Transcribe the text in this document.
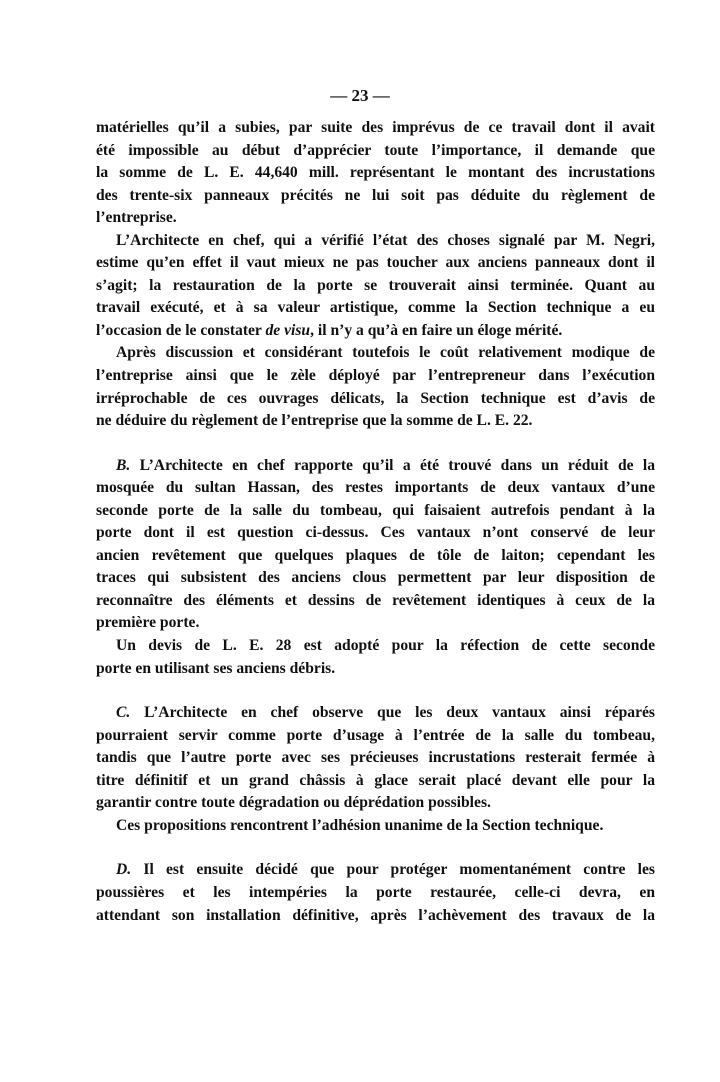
— 23 —
matérielles qu’il a subies, par suite des imprévus de ce travail dont il avait
été impossible au début d’apprécier toute l’importance, il demande que
la somme de L. E. 44,640 mill. représentant le montant des incrustations
des trente-six panneaux précités ne lui soit pas déduite du règlement de
l’entreprise.
L’Architecte en chef, qui a vérifié l’état des choses signalé par M. Negri,
estime qu’en effet il vaut mieux ne pas toucher aux anciens panneaux dont il
s’agit; la restauration de la porte se trouverait ainsi terminée. Quant au
travail exécuté, et à sa valeur artistique, comme la Section technique a eu
l’occasion de le constater de visu, il n’y a qu’à en faire un éloge mérité.
Après discussion et considérant toutefois le coût relativement modique de
l’entreprise ainsi que le zèle déployé par l’entrepreneur dans l’exécution
irréprochable de ces ouvrages délicats, la Section technique est d’avis de
ne déduire du règlement de l’entreprise que la somme de L. E. 22.
B. L’Architecte en chef rapporte qu’il a été trouvé dans un réduit de la
mosquée du sultan Hassan, des restes importants de deux vantaux d’une
seconde porte de la salle du tombeau, qui faisaient autrefois pendant à la
porte dont il est question ci-dessus. Ces vantaux n’ont conservé de leur
ancien revêtement que quelques plaques de tôle de laiton; cependant les
traces qui subsistent des anciens clous permettent par leur disposition de
reconnaître des éléments et dessins de revêtement identiques à ceux de la
première porte.
Un devis de L. E. 28 est adopté pour la réfection de cette seconde
porte en utilisant ses anciens débris.
C. L’Architecte en chef observe que les deux vantaux ainsi réparés
pourraient servir comme porte d’usage à l’entrée de la salle du tombeau,
tandis que l’autre porte avec ses précieuses incrustations resterait fermée à
titre définitif et un grand châssis à glace serait placé devant elle pour la
garantir contre toute dégradation ou déprédation possibles.
Ces propositions rencontrent l’adhésion unanime de la Section technique.
D. Il est ensuite décidé que pour protéger momentanément contre les
poussières et les intempéries la porte restaurée, celle-ci devra, en
attendant son installation définitive, après l’achèvement des travaux de la
